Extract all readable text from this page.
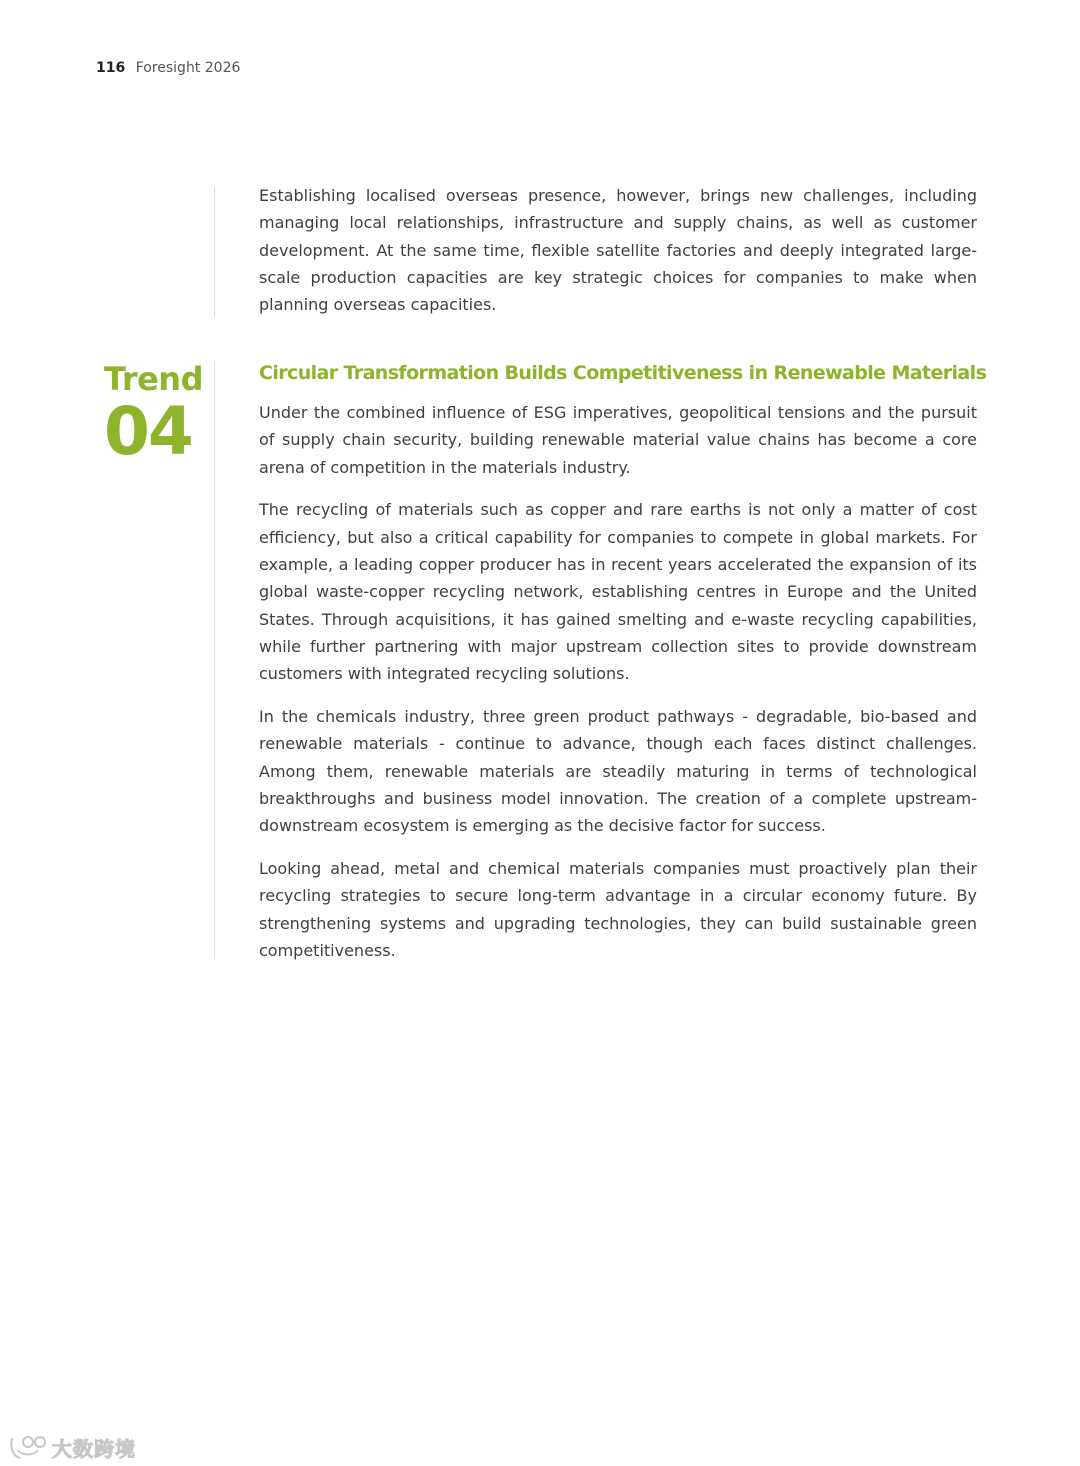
116 Foresight 2026

Establishing localised overseas presence, however, brings new challenges, including managing local relationships, infrastructure and supply chains, as well as customer development. At the same time, flexible satellite factories and deeply integrated large-scale production capacities are key strategic choices for companies to make when planning overseas capacities.

Trend
04
Circular Transformation Builds Competitiveness in Renewable Materials

Under the combined influence of ESG imperatives, geopolitical tensions and the pursuit of supply chain security, building renewable material value chains has become a core arena of competition in the materials industry.

The recycling of materials such as copper and rare earths is not only a matter of cost efficiency, but also a critical capability for companies to compete in global markets. For example, a leading copper producer has in recent years accelerated the expansion of its global waste-copper recycling network, establishing centres in Europe and the United States. Through acquisitions, it has gained smelting and e-waste recycling capabilities, while further partnering with major upstream collection sites to provide downstream customers with integrated recycling solutions.

In the chemicals industry, three green product pathways - degradable, bio-based and renewable materials - continue to advance, though each faces distinct challenges. Among them, renewable materials are steadily maturing in terms of technological breakthroughs and business model innovation. The creation of a complete upstream-downstream ecosystem is emerging as the decisive factor for success.

Looking ahead, metal and chemical materials companies must proactively plan their recycling strategies to secure long-term advantage in a circular economy future. By strengthening systems and upgrading technologies, they can build sustainable green competitiveness.

大数跨境
